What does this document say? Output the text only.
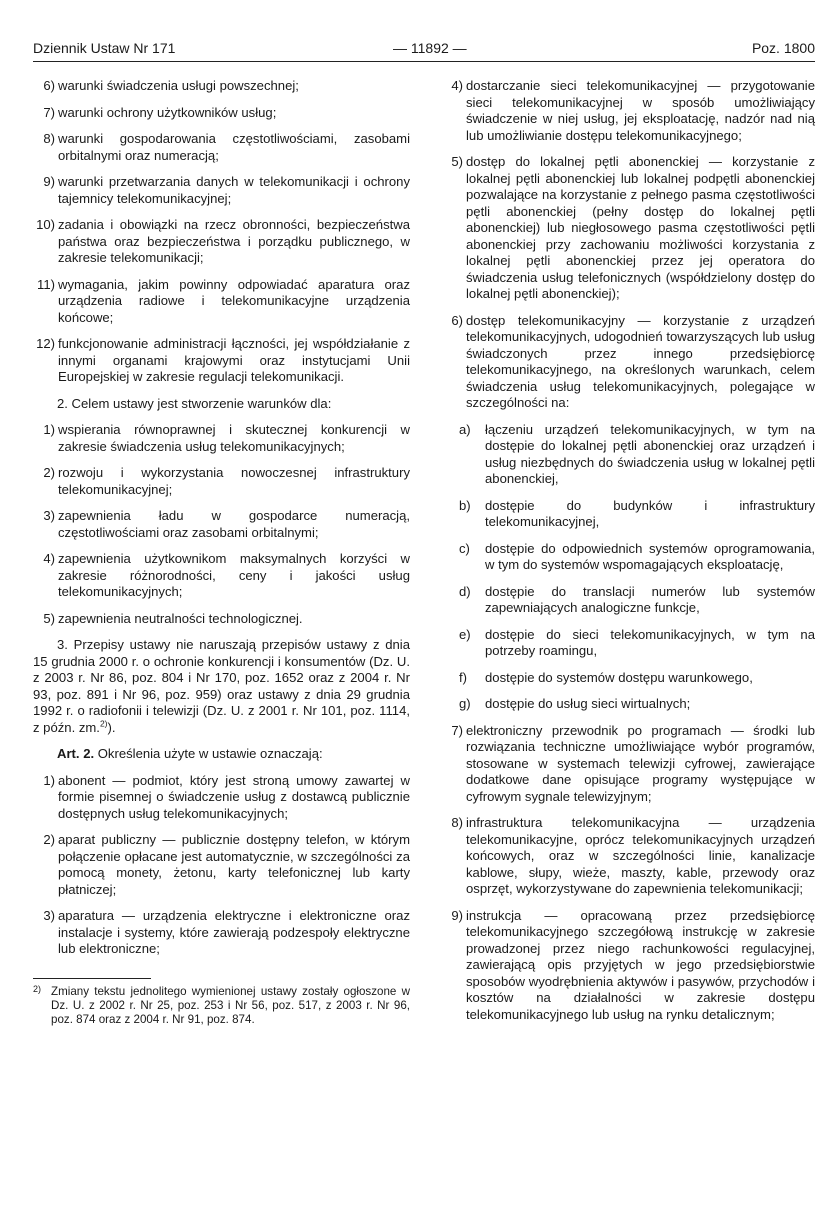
Dziennik Ustaw Nr 171	— 11892 —	Poz. 1800
6) warunki świadczenia usługi powszechnej;
7) warunki ochrony użytkowników usług;
8) warunki gospodarowania częstotliwościami, zasobami orbitalnymi oraz numeracją;
9) warunki przetwarzania danych w telekomunikacji i ochrony tajemnicy telekomunikacyjnej;
10) zadania i obowiązki na rzecz obronności, bezpieczeństwa państwa oraz bezpieczeństwa i porządku publicznego, w zakresie telekomunikacji;
11) wymagania, jakim powinny odpowiadać aparatura oraz urządzenia radiowe i telekomunikacyjne urządzenia końcowe;
12) funkcjonowanie administracji łączności, jej współdziałanie z innymi organami krajowymi oraz instytucjami Unii Europejskiej w zakresie regulacji telekomunikacji.

2. Celem ustawy jest stworzenie warunków dla:

1) wspierania równoprawnej i skutecznej konkurencji w zakresie świadczenia usług telekomunikacyjnych;
2) rozwoju i wykorzystania nowoczesnej infrastruktury telekomunikacyjnej;
3) zapewnienia ładu w gospodarce numeracją, częstotliwościami oraz zasobami orbitalnymi;
4) zapewnienia użytkownikom maksymalnych korzyści w zakresie różnorodności, ceny i jakości usług telekomunikacyjnych;
5) zapewnienia neutralności technologicznej.

3. Przepisy ustawy nie naruszają przepisów ustawy z dnia 15 grudnia 2000 r. o ochronie konkurencji i konsumentów (Dz. U. z 2003 r. Nr 86, poz. 804 i Nr 170, poz. 1652 oraz z 2004 r. Nr 93, poz. 891 i Nr 96, poz. 959) oraz ustawy z dnia 29 grudnia 1992 r. o radiofonii i telewizji (Dz. U. z 2001 r. Nr 101, poz. 1114, z późn. zm.$^{2)}$).

Art. 2. Określenia użyte w ustawie oznaczają:

1) abonent — podmiot, który jest stroną umowy zawartej w formie pisemnej o świadczenie usług z dostawcą publicznie dostępnych usług telekomunikacyjnych;
2) aparat publiczny — publicznie dostępny telefon, w którym połączenie opłacane jest automatycznie, w szczególności za pomocą monety, żetonu, karty telefonicznej lub karty płatniczej;
3) aparatura — urządzenia elektryczne i elektroniczne oraz instalacje i systemy, które zawierają podzespoły elektryczne lub elektroniczne;
2) Zmiany tekstu jednolitego wymienionej ustawy zostały ogłoszone w Dz. U. z 2002 r. Nr 25, poz. 253 i Nr 56, poz. 517, z 2003 r. Nr 96, poz. 874 oraz z 2004 r. Nr 91, poz. 874.
4) dostarczanie sieci telekomunikacyjnej — przygotowanie sieci telekomunikacyjnej w sposób umożliwiający świadczenie w niej usług, jej eksploatację, nadzór nad nią lub umożliwianie dostępu telekomunikacyjnego;
5) dostęp do lokalnej pętli abonenckiej — korzystanie z lokalnej pętli abonenckiej lub lokalnej podpętli abonenckiej pozwalające na korzystanie z pełnego pasma częstotliwości pętli abonenckiej (pełny dostęp do lokalnej pętli abonenckiej) lub niegłosowego pasma częstotliwości pętli abonenckiej przy zachowaniu możliwości korzystania z lokalnej pętli abonenckiej przez jej operatora do świadczenia usług telefonicznych (współdzielony dostęp do lokalnej pętli abonenckiej);
6) dostęp telekomunikacyjny — korzystanie z urządzeń telekomunikacyjnych, udogodnień towarzyszących lub usług świadczonych przez innego przedsiębiorcę telekomunikacyjnego, na określonych warunkach, celem świadczenia usług telekomunikacyjnych, polegające w szczególności na:
a) łączeniu urządzeń telekomunikacyjnych, w tym na dostępie do lokalnej pętli abonenckiej oraz urządzeń i usług niezbędnych do świadczenia usług w lokalnej pętli abonenckiej,
b) dostępie do budynków i infrastruktury telekomunikacyjnej,
c) dostępie do odpowiednich systemów oprogramowania, w tym do systemów wspomagających eksploatację,
d) dostępie do translacji numerów lub systemów zapewniających analogiczne funkcje,
e) dostępie do sieci telekomunikacyjnych, w tym na potrzeby roamingu,
f) dostępie do systemów dostępu warunkowego,
g) dostępie do usług sieci wirtualnych;
7) elektroniczny przewodnik po programach — środki lub rozwiązania techniczne umożliwiające wybór programów, stosowane w systemach telewizji cyfrowej, zawierające dodatkowe dane opisujące programy występujące w cyfrowym sygnale telewizyjnym;
8) infrastruktura telekomunikacyjna — urządzenia telekomunikacyjne, oprócz telekomunikacyjnych urządzeń końcowych, oraz w szczególności linie, kanalizacje kablowe, słupy, wieże, maszty, kable, przewody oraz osprzęt, wykorzystywane do zapewnienia telekomunikacji;
9) instrukcja — opracowaną przez przedsiębiorcę telekomunikacyjnego szczegółową instrukcję w zakresie prowadzonej przez niego rachunkowości regulacyjnej, zawierającą opis przyjętych w jego przedsiębiorstwie sposobów wyodrębnienia aktywów i pasywów, przychodów i kosztów na działalności w zakresie dostępu telekomunikacyjnego lub usług na rynku detalicznym;
